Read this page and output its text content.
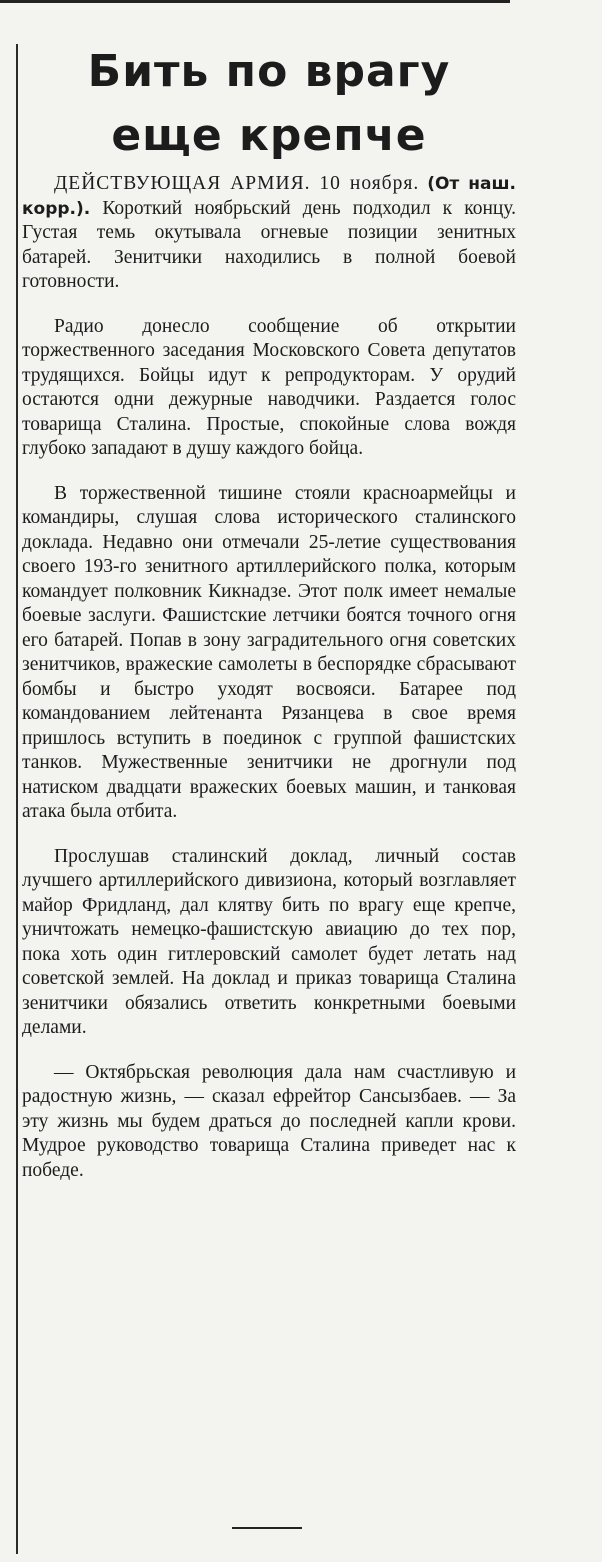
Бить по врагу
еще крепче

ДЕЙСТВУЮЩАЯ АРМИЯ. 10 ноября. (От наш. корр.). Короткий ноябрьский день подходил к концу. Густая темь окутывала огневые позиции зенитных батарей. Зенитчики находились в полной боевой готовности.

Радио донесло сообщение об открытии торжественного заседания Московского Совета депутатов трудящихся. Бойцы идут к репродукторам. У орудий остаются одни дежурные наводчики. Раздается голос товарища Сталина. Простые, спокойные слова вождя глубоко западают в душу каждого бойца.

В торжественной тишине стояли красноармейцы и командиры, слушая слова исторического сталинского доклада. Недавно они отмечали 25-летие существования своего 193-го зенитного артиллерийского полка, которым командует полковник Кикнадзе. Этот полк имеет немалые боевые заслуги. Фашистские летчики боятся точного огня его батарей. Попав в зону заградительного огня советских зенитчиков, вражеские самолеты в беспорядке сбрасывают бомбы и быстро уходят восвояси. Батарее под командованием лейтенанта Рязанцева в свое время пришлось вступить в поединок с группой фашистских танков. Мужественные зенитчики не дрогнули под натиском двадцати вражеских боевых машин, и танковая атака была отбита.

Прослушав сталинский доклад, личный состав лучшего артиллерийского дивизиона, который возглавляет майор Фридланд, дал клятву бить по врагу еще крепче, уничтожать немецко-фашистскую авиацию до тех пор, пока хоть один гитлеровский самолет будет летать над советской землей. На доклад и приказ товарища Сталина зенитчики обязались ответить конкретными боевыми делами.

— Октябрьская революция дала нам счастливую и радостную жизнь, — сказал ефрейтор Сансызбаев. — За эту жизнь мы будем драться до последней капли крови. Мудрое руководство товарища Сталина приведет нас к победе.
